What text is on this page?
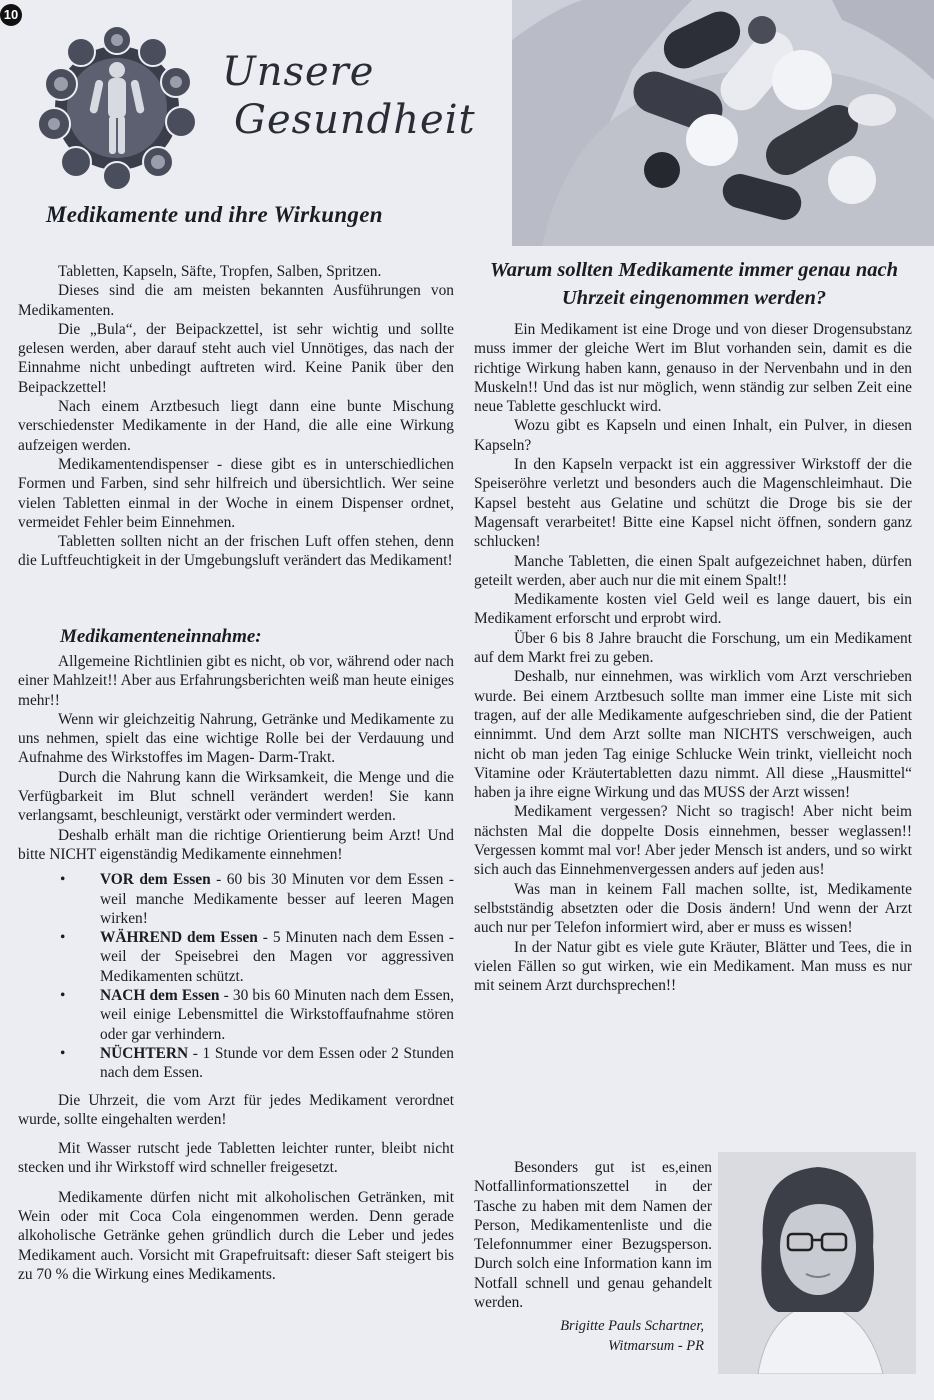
10
Unsere
Gesundheit
Medikamente und ihre Wirkungen

Tabletten, Kapseln, Säfte, Tropfen, Salben, Spritzen.

Dieses sind die am meisten bekannten Ausführungen von Medikamenten.

Die „Bula“, der Beipackzettel, ist sehr wichtig und sollte gelesen werden, aber darauf steht auch viel Unnötiges, das nach der Einnahme nicht unbedingt auftreten wird. Keine Panik über den Beipackzettel!

Nach einem Arztbesuch liegt dann eine bunte Mischung verschiedenster Medikamente in der Hand, die alle eine Wirkung aufzeigen werden.

Medikamentendispenser - diese gibt es in unterschiedlichen Formen und Farben, sind sehr hilfreich und übersichtlich. Wer seine vielen Tabletten einmal in der Woche in einem Dispenser ordnet, vermeidet Fehler beim Einnehmen.

Tabletten sollten nicht an der frischen Luft offen stehen, denn die Luftfeuchtigkeit in der Umgebungsluft verändert das Medikament!

Medikamenteneinnahme:

Allgemeine Richtlinien gibt es nicht, ob vor, während oder nach einer Mahlzeit!! Aber aus Erfahrungsberichten weiß man heute einiges mehr!!

Wenn wir gleichzeitig Nahrung, Getränke und Medikamente zu uns nehmen, spielt das eine wichtige Rolle bei der Verdauung und Aufnahme des Wirkstoffes im Magen- Darm-Trakt.

Durch die Nahrung kann die Wirksamkeit, die Menge und die Verfügbarkeit im Blut schnell verändert werden! Sie kann verlangsamt, beschleunigt, verstärkt oder vermindert werden.

Deshalb erhält man die richtige Orientierung beim Arzt! Und bitte NICHT eigenständig Medikamente einnehmen!

• VOR dem Essen - 60 bis 30 Minuten vor dem Essen - weil manche Medikamente besser auf leeren Magen wirken!
• WÄHREND dem Essen - 5 Minuten nach dem Essen - weil der Speisebrei den Magen vor aggressiven Medikamenten schützt.
• NACH dem Essen - 30 bis 60 Minuten nach dem Essen, weil einige Lebensmittel die Wirkstoffaufnahme stören oder gar verhindern.
• NÜCHTERN - 1 Stunde vor dem Essen oder 2 Stunden nach dem Essen.

Die Uhrzeit, die vom Arzt für jedes Medikament verordnet wurde, sollte eingehalten werden!

Mit Wasser rutscht jede Tabletten leichter runter, bleibt nicht stecken und ihr Wirkstoff wird schneller freigesetzt.

Medikamente dürfen nicht mit alkoholischen Getränken, mit Wein oder mit Coca Cola eingenommen werden. Denn gerade alkoholische Getränke gehen gründlich durch die Leber und jedes Medikament auch. Vorsicht mit Grapefruitsaft: dieser Saft steigert bis zu 70 % die Wirkung eines Medikaments.

Warum sollten Medikamente immer genau nach Uhrzeit eingenommen werden?

Ein Medikament ist eine Droge und von dieser Drogensubstanz muss immer der gleiche Wert im Blut vorhanden sein, damit es die richtige Wirkung haben kann, genauso in der Nervenbahn und in den Muskeln!! Und das ist nur möglich, wenn ständig zur selben Zeit eine neue Tablette geschluckt wird.

Wozu gibt es Kapseln und einen Inhalt, ein Pulver, in diesen Kapseln?

In den Kapseln verpackt ist ein aggressiver Wirkstoff der die Speiseröhre verletzt und besonders auch die Magenschleimhaut. Die Kapsel besteht aus Gelatine und schützt die Droge bis sie der Magensaft verarbeitet! Bitte eine Kapsel nicht öffnen, sondern ganz schlucken!

Manche Tabletten, die einen Spalt aufgezeichnet haben, dürfen geteilt werden, aber auch nur die mit einem Spalt!!

Medikamente kosten viel Geld weil es lange dauert, bis ein Medikament erforscht und erprobt wird.

Über 6 bis 8 Jahre braucht die Forschung, um ein Medikament auf dem Markt frei zu geben.

Deshalb, nur einnehmen, was wirklich vom Arzt verschrieben wurde. Bei einem Arztbesuch sollte man immer eine Liste mit sich tragen, auf der alle Medikamente aufgeschrieben sind, die der Patient einnimmt. Und dem Arzt sollte man NICHTS verschweigen, auch nicht ob man jeden Tag einige Schlucke Wein trinkt, vielleicht noch Vitamine oder Kräutertabletten dazu nimmt. All diese „Hausmittel“ haben ja ihre eigne Wirkung und das MUSS der Arzt wissen!

Medikament vergessen? Nicht so tragisch! Aber nicht beim nächsten Mal die doppelte Dosis einnehmen, besser weglassen!! Vergessen kommt mal vor! Aber jeder Mensch ist anders, und so wirkt sich auch das Einnehmenvergessen anders auf jeden aus!

Was man in keinem Fall machen sollte, ist, Medikamente selbstständig absetzten oder die Dosis ändern! Und wenn der Arzt auch nur per Telefon informiert wird, aber er muss es wissen!

In der Natur gibt es viele gute Kräuter, Blätter und Tees, die in vielen Fällen so gut wirken, wie ein Medikament. Man muss es nur mit seinem Arzt durchsprechen!!

Besonders gut ist es,einen Notfallinformationszettel in der Tasche zu haben mit dem Namen der Person, Medikamentenliste und die Telefonnummer einer Bezugsperson. Durch solch eine Information kann im Notfall schnell und genau gehandelt werden.

Brigitte Pauls Schartner,
Witmarsum - PR
